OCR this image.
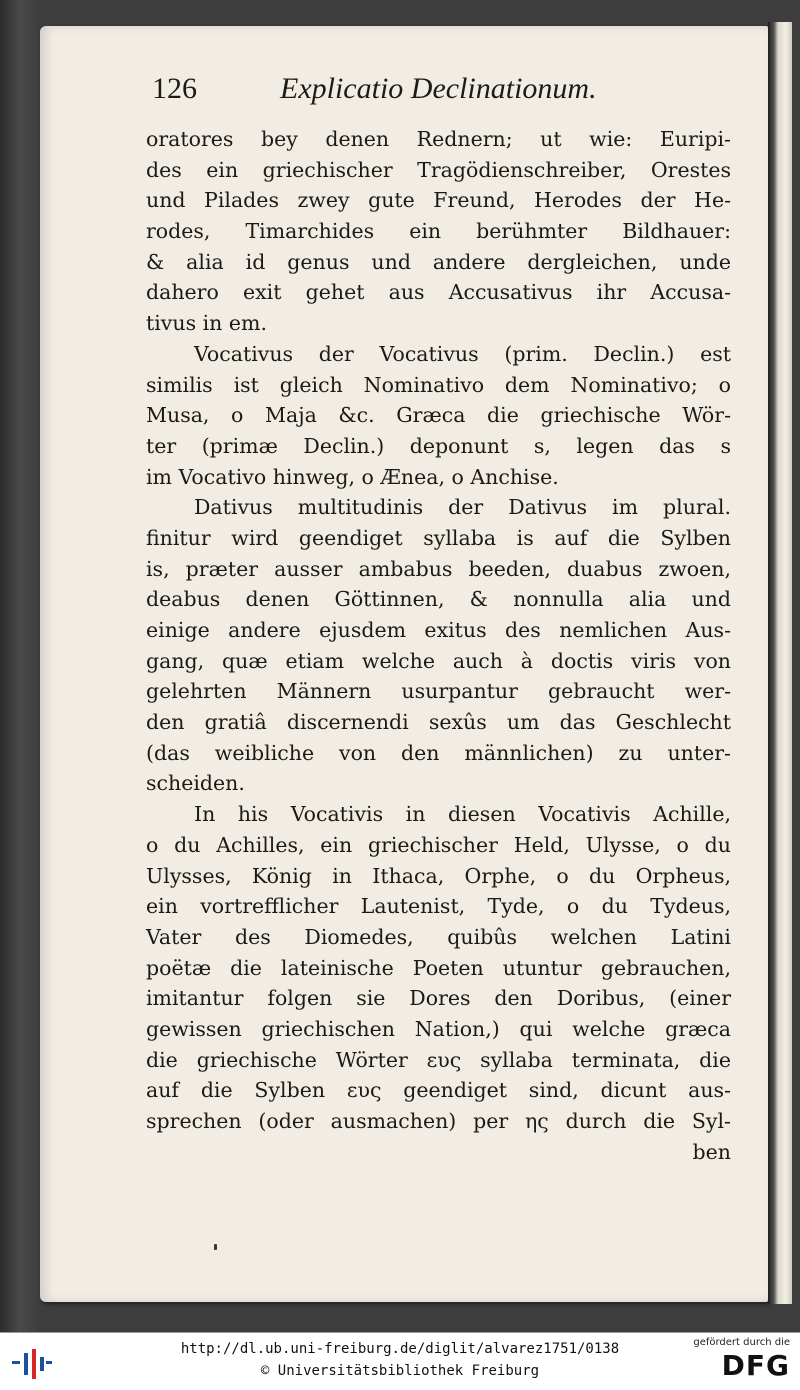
126	Explicatio Declinationum.
oratores bey denen Rednern; ut wie: Euripi-
des ein griechischer Tragödienschreiber, Orestes
und Pilades zwey gute Freund, Herodes der He-
rodes, Timarchides ein berühmter Bildhauer:
& alia id genus und andere dergleichen, unde
dahero exit gehet aus Accusativus ihr Accusa-
tivus in em.
Vocativus der Vocativus (prim. Declin.) est
similis ist gleich Nominativo dem Nominativo; o
Musa, o Maja &c. Græca die griechische Wör-
ter (primæ Declin.) deponunt s, legen das s
im Vocativo hinweg, o Ænea, o Anchise.
Dativus multitudinis der Dativus im plural.
finitur wird geendiget syllaba is auf die Sylben
is, præter ausser ambabus beeden, duabus zwoen,
deabus denen Göttinnen, & nonnulla alia und
einige andere ejusdem exitus des nemlichen Aus-
gang, quæ etiam welche auch à doctis viris von
gelehrten Männern usurpantur gebraucht wer-
den gratiâ discernendi sexûs um das Geschlecht
(das weibliche von den männlichen) zu unter-
scheiden.
In his Vocativis in diesen Vocativis Achille,
o du Achilles, ein griechischer Held, Ulysse, o du
Ulysses, König in Ithaca, Orphe, o du Orpheus,
ein vortrefflicher Lautenist, Tyde, o du Tydeus,
Vater des Diomedes, quibûs welchen Latini
poëtæ die lateinische Poeten utuntur gebrauchen,
imitantur folgen sie Dores den Doribus, (einer
gewissen griechischen Nation,) qui welche græca
die griechische Wörter ευς syllaba terminata, die
auf die Sylben ευς geendiget sind, dicunt aus-
sprechen (oder ausmachen) per ης durch die Syl-
ben
http://dl.ub.uni-freiburg.de/diglit/alvarez1751/0138
© Universitätsbibliothek Freiburg
gefördert durch die
DFG
